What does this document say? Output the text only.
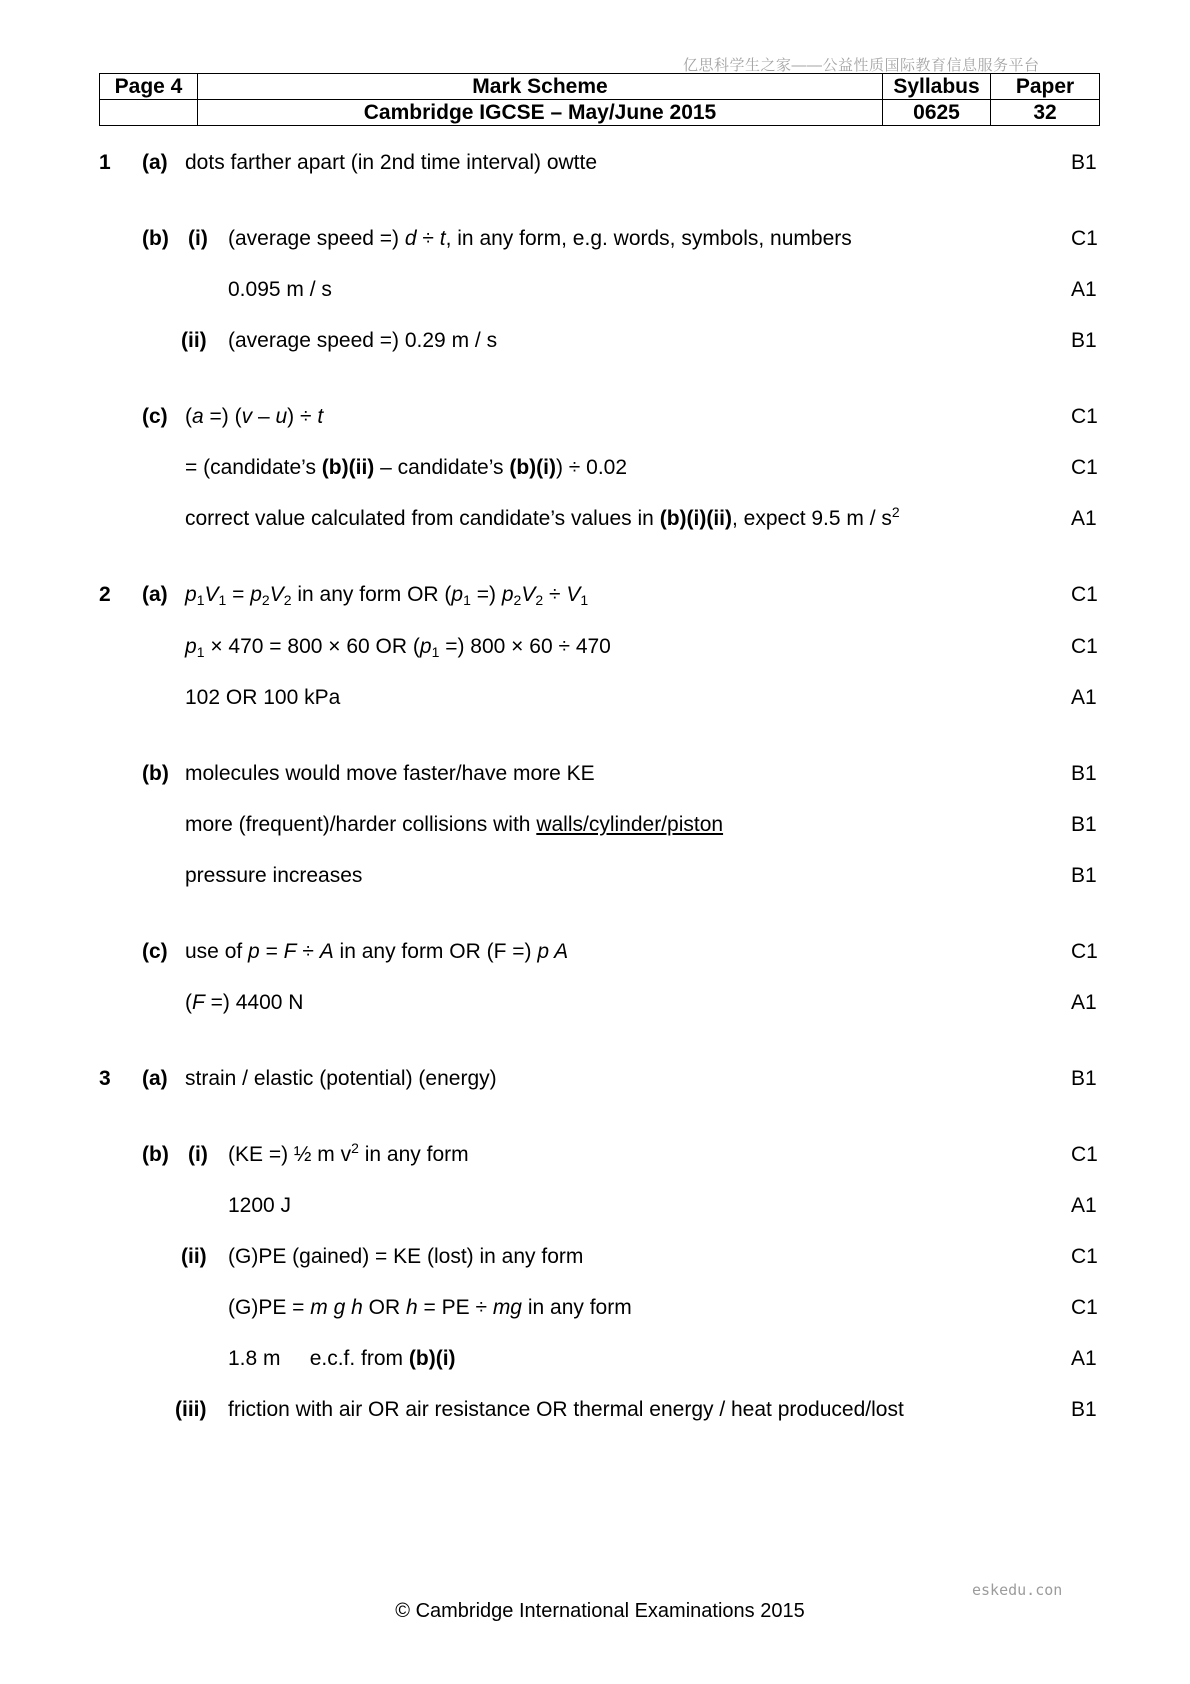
亿思科学生之家——公益性质国际教育信息服务平台
Page 4	Mark Scheme	Syllabus	Paper
	Cambridge IGCSE – May/June 2015	0625	32
1 (a) dots farther apart (in 2nd time interval) owtte	B1
(b) (i) (average speed =) d ÷ t, in any form, e.g. words, symbols, numbers	C1
0.095 m / s	A1
(ii) (average speed =) 0.29 m / s	B1
(c) (a =) (v – u) ÷ t	C1
= (candidate’s (b)(ii) – candidate’s (b)(i)) ÷ 0.02	C1
correct value calculated from candidate’s values in (b)(i)(ii), expect 9.5 m / $s^2$	A1
2 (a) $p_1V_1 = p_2V_2$ in any form OR ($p_1$ =) $p_2V_2 \div V_1$	C1
$p_1 \times 470 = 800 \times 60$ OR ($p_1$ =) 800 × 60 ÷ 470	C1
102 OR 100 kPa	A1
(b) molecules would move faster/have more KE	B1
more (frequent)/harder collisions with walls/cylinder/piston	B1
pressure increases	B1
(c) use of p = F ÷ A in any form OR (F =) p A	C1
(F =) 4400 N	A1
3 (a) strain / elastic (potential) (energy)	B1
(b) (i) (KE =) ½ m $v^2$ in any form	C1
1200 J	A1
(ii) (G)PE (gained) = KE (lost) in any form	C1
(G)PE = m g h OR h = PE ÷ mg in any form	C1
1.8 m     e.c.f. from (b)(i)	A1
(iii) friction with air OR air resistance OR thermal energy / heat produced/lost	B1
eskedu.con
© Cambridge International Examinations 2015
